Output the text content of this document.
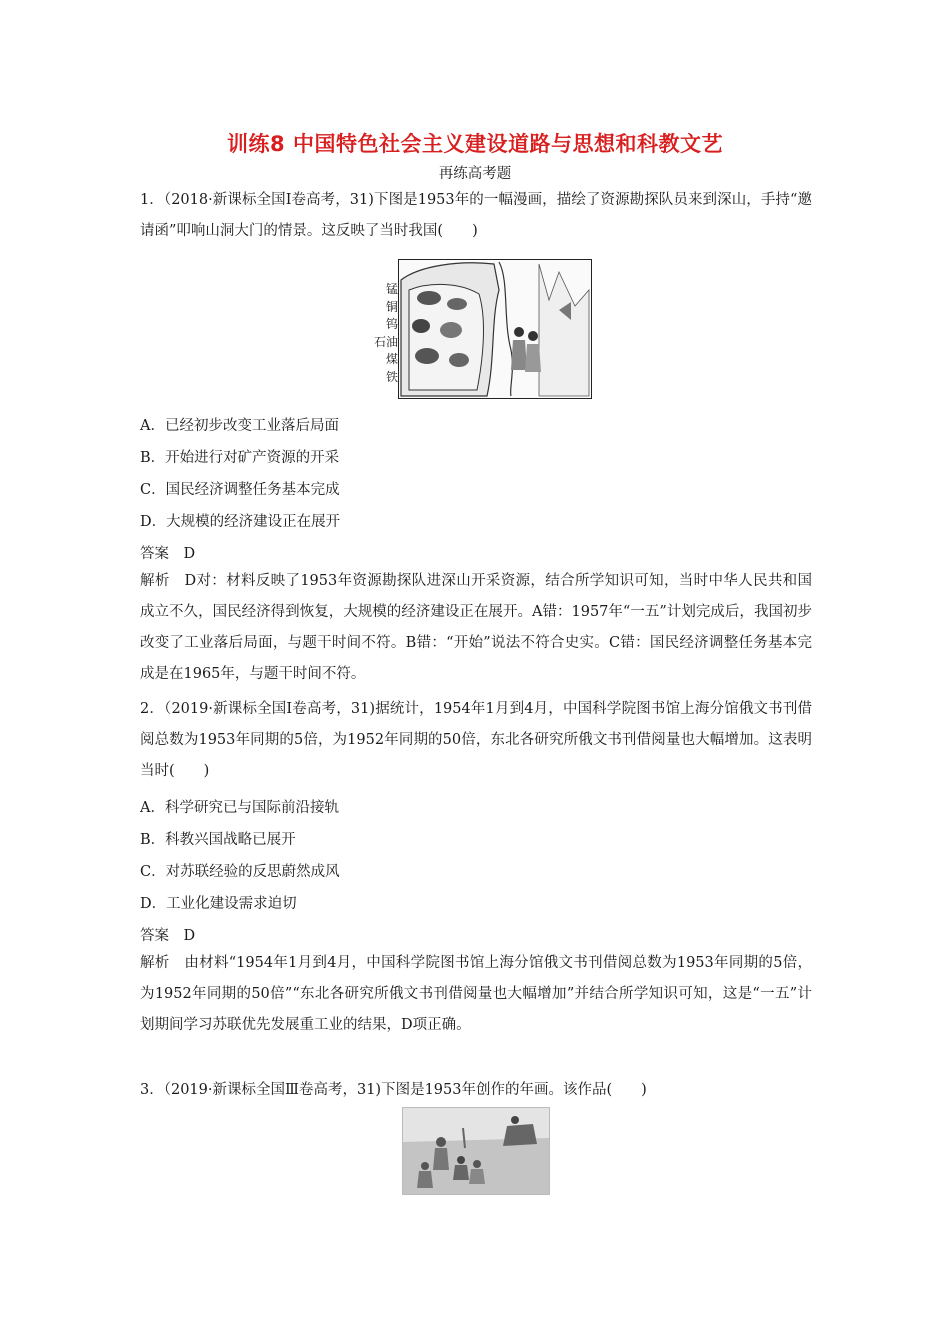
训练8 中国特色社会主义建设道路与思想和科教文艺
再练高考题
1．（2018·新课标全国Ⅰ卷高考，31)下图是1953年的一幅漫画，描绘了资源勘探队员来到深山，手持“邀请函”叩响山洞大门的情景。这反映了当时我国(　　)
锰
铜
钨
石油
煤
铁
A．已经初步改变工业落后局面
B．开始进行对矿产资源的开采
C．国民经济调整任务基本完成
D．大规模的经济建设正在展开
答案　D
解析　D对：材料反映了1953年资源勘探队进深山开采资源，结合所学知识可知，当时中华人民共和国成立不久，国民经济得到恢复，大规模的经济建设正在展开。A错：1957年“一五”计划完成后，我国初步改变了工业落后局面，与题干时间不符。B错：“开始”说法不符合史实。C错：国民经济调整任务基本完成是在1965年，与题干时间不符。
2．（2019·新课标全国Ⅰ卷高考，31)据统计，1954年1月到4月，中国科学院图书馆上海分馆俄文书刊借阅总数为1953年同期的5倍，为1952年同期的50倍，东北各研究所俄文书刊借阅量也大幅增加。这表明当时(　　)
A．科学研究已与国际前沿接轨
B．科教兴国战略已展开
C．对苏联经验的反思蔚然成风
D．工业化建设需求迫切
答案　D
解析　由材料“1954年1月到4月，中国科学院图书馆上海分馆俄文书刊借阅总数为1953年同期的5倍，为1952年同期的50倍”“东北各研究所俄文书刊借阅量也大幅增加”并结合所学知识可知，这是“一五”计划期间学习苏联优先发展重工业的结果，D项正确。
3．（2019·新课标全国Ⅲ卷高考，31)下图是1953年创作的年画。该作品(　　)
